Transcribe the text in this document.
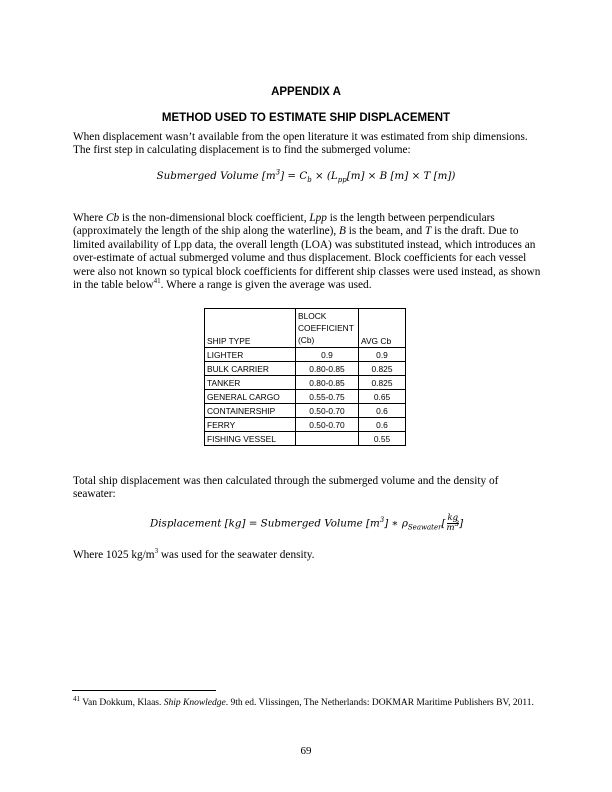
APPENDIX A
METHOD USED TO ESTIMATE SHIP DISPLACEMENT
When displacement wasn’t available from the open literature it was estimated from ship dimensions. The first step in calculating displacement is to find the submerged volume:
Submerged Volume $[m^3] = C_b \times (L_{pp}[m] \times B$ [m] × T [m])
Where Cb is the non-dimensional block coefficient, Lpp is the length between perpendiculars (approximately the length of the ship along the waterline), B is the beam, and T is the draft. Due to limited availability of Lpp data, the overall length (LOA) was substituted instead, which introduces an over-estimate of actual submerged volume and thus displacement. Block coefficients for each vessel were also not known so typical block coefficients for different ship classes were used instead, as shown in the table below$^{41}$. Where a range is given the average was used.
SHIP TYPE	BLOCK
COEFFICIENT
(Cb)	AVG Cb
LIGHTER	0.9	0.9
BULK CARRIER	0.80-0.85	0.825
TANKER	0.80-0.85	0.825
GENERAL CARGO	0.55-0.75	0.65
CONTAINERSHIP	0.50-0.70	0.6
FERRY	0.50-0.70	0.6
FISHING VESSEL		0.55
Total ship displacement was then calculated through the submerged volume and the density of seawater:
Displacement [kg] = Submerged Volume $[m^3]$ ∗ $\rho_{Seawater}[ \frac{kg}{m^3}$ ]
Where 1025 $kg/m^3$ was used for the seawater density.
$^{41}$ Van Dokkum, Klaas. Ship Knowledge. 9th ed. Vlissingen, The Netherlands: DOKMAR Maritime Publishers BV, 2011.
69
